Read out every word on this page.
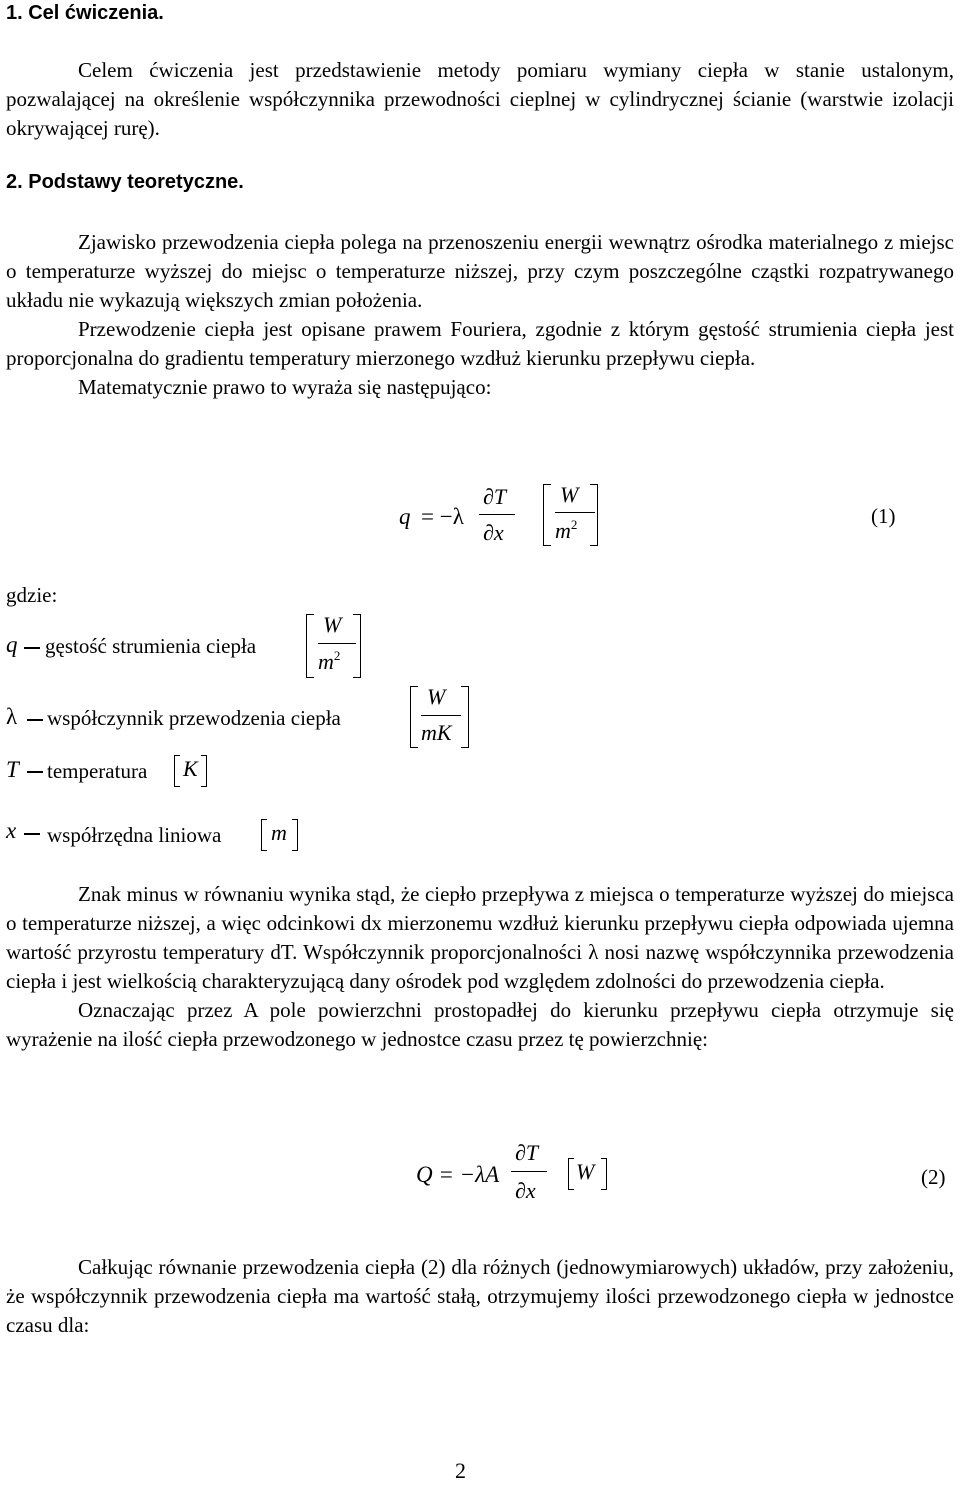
1. Cel ćwiczenia.

Celem ćwiczenia jest przedstawienie metody pomiaru wymiany ciepła w stanie ustalonym, pozwalającej na określenie współczynnika przewodności cieplnej w cylindrycznej ścianie (warstwie izolacji okrywającej rurę).

2. Podstawy teoretyczne.

Zjawisko przewodzenia ciepła polega na przenoszeniu energii wewnątrz ośrodka materialnego z miejsc o temperaturze wyższej do miejsc o temperaturze niższej, przy czym poszczególne cząstki rozpatrywanego układu nie wykazują większych zmian położenia.

Przewodzenie ciepła jest opisane prawem Fouriera, zgodnie z którym gęstość strumienia ciepła jest proporcjonalna do gradientu temperatury mierzonego wzdłuż kierunku przepływu ciepła.

Matematycznie prawo to wyraża się następująco:

q = −λ
∂T
∂x
W
$m^2$	(1)
gdzie:
q gęstość strumienia ciepła
W
$m^2$
λ współczynnik przewodzenia ciepła
W
mK
T temperatura K
x współrzędna liniowa m

Znak minus w równaniu wynika stąd, że ciepło przepływa z miejsca o temperaturze wyższej do miejsca o temperaturze niższej, a więc odcinkowi dx mierzonemu wzdłuż kierunku przepływu ciepła odpowiada ujemna wartość przyrostu temperatury dT. Współczynnik proporcjonalności λ nosi nazwę współczynnika przewodzenia ciepła i jest wielkością charakteryzującą dany ośrodek pod względem zdolności do przewodzenia ciepła.

Oznaczając przez A pole powierzchni prostopadłej do kierunku przepływu ciepła otrzymuje się wyrażenie na ilość ciepła przewodzonego w jednostce czasu przez tę powierzchnię:

Q = −λA
∂T
∂x
W	(2)

Całkując równanie przewodzenia ciepła (2) dla różnych (jednowymiarowych) układów, przy założeniu, że współczynnik przewodzenia ciepła ma wartość stałą, otrzymujemy ilości przewodzonego ciepła w jednostce czasu dla:

2
